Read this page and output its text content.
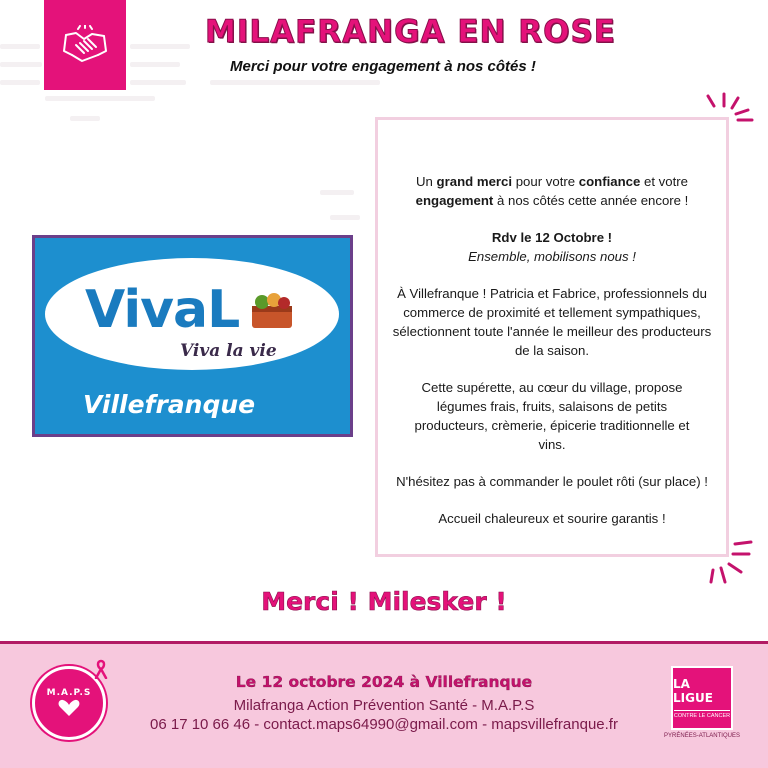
MILAFRANGA EN ROSE
Merci pour votre engagement à nos côtés !
VivaL
Viva la vie
Villefranque

Un grand merci pour votre confiance et votre
engagement à nos côtés cette année encore !

Rdv le 12 Octobre !
Ensemble, mobilisons nous !

À Villefranque ! Patricia et Fabrice, professionnels du commerce de proximité et tellement sympathiques, sélectionnent toute l'année le meilleur des producteurs de la saison.

Cette supérette, au cœur du village, propose légumes frais, fruits, salaisons de petits producteurs, crèmerie, épicerie traditionnelle et vins.

N'hésitez pas à commander le poulet rôti (sur place) !

Accueil chaleureux et sourire garantis !

Merci ! Milesker !
M.A.P.S
Le 12 octobre 2024 à Villefranque
Milafranga Action Prévention Santé - M.A.P.S
06 17 10 66 46 - contact.maps64990@gmail.com - mapsvillefranque.fr
LA LIGUE
CONTRE LE CANCER
PYRÉNÉES-ATLANTIQUES
